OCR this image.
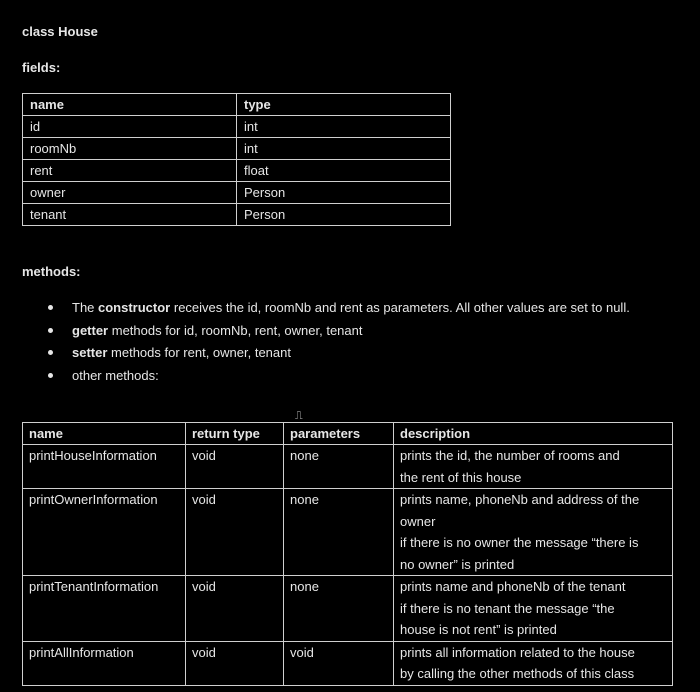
class House
fields:
name	type
id	int
roomNb	int
rent	float
owner	Person
tenant	Person
methods:
The constructor receives the id, roomNb and rent as parameters. All other values are set to null.
getter methods for id, roomNb, rent, owner, tenant
setter methods for rent, owner, tenant
other methods:
⎍
name	return type	parameters	description
printHouseInformation	void	none	prints the id, the number of rooms and
the rent of this house

printOwnerInformation	void	none	prints name, phoneNb and address of the
owner
if there is no owner the message “there is
no owner” is printed

printTenantInformation	void	none	prints name and phoneNb of the tenant
if there is no tenant the message “the
house is not rent” is printed

printAllInformation	void	void	prints all information related to the house
by calling the other methods of this class
